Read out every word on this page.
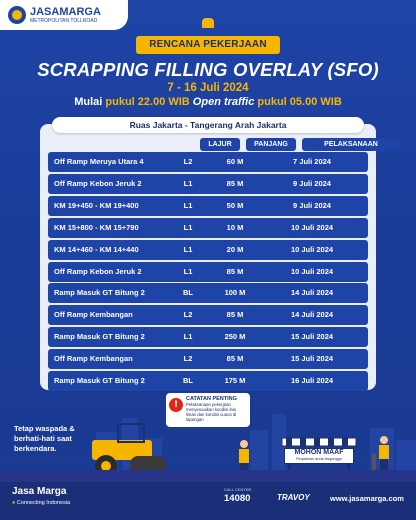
JASAMARGA
METROPOLITAN TOLLROAD
RENCANA PEKERJAAN
SCRAPPING FILLING OVERLAY (SFO)
7 - 16 Juli 2024
Mulai pukul 22.00 WIB Open traffic pukul 05.00 WIB
Ruas Jakarta - Tangerang Arah Jakarta
LAJUR	PANJANG	PELAKSANAAN
Off Ramp Meruya Utara 4	L2	60 M	7 Juli 2024
Off Ramp Kebon Jeruk 2	L1	85 M	9 Juli 2024
KM 19+450 - KM 19+400	L1	50 M	9 Juli 2024
KM 15+800 - KM 15+790	L1	10 M	10 Juli 2024
KM 14+460 - KM 14+440	L1	20 M	10 Juli 2024
Off Ramp Kebon Jeruk 2	L1	85 M	10 Juli 2024
Ramp Masuk GT Bitung 2	BL	100 M	14 Juli 2024
Off Ramp Kembangan	L2	85 M	14 Juli 2024
Ramp Masuk GT Bitung 2	L1	250 M	15 Juli 2024
Off Ramp Kembangan	L2	85 M	15 Juli 2024
Ramp Masuk GT Bitung 2	BL	175 M	16 Juli 2024
!
CATATAN PENTING
Pelaksanaan pekerjaan menyesuaikan kondisi lalu lintas dan kondisi cuaca di lapangan
Tetap waspada & berhati-hati saat berkendara.	MOHON MAAF
Perjalanan anda terganggu
Jasa Marga
● Connecting Indonesia
CALL CENTER
14080	TRAVOY	www.jasamarga.com
